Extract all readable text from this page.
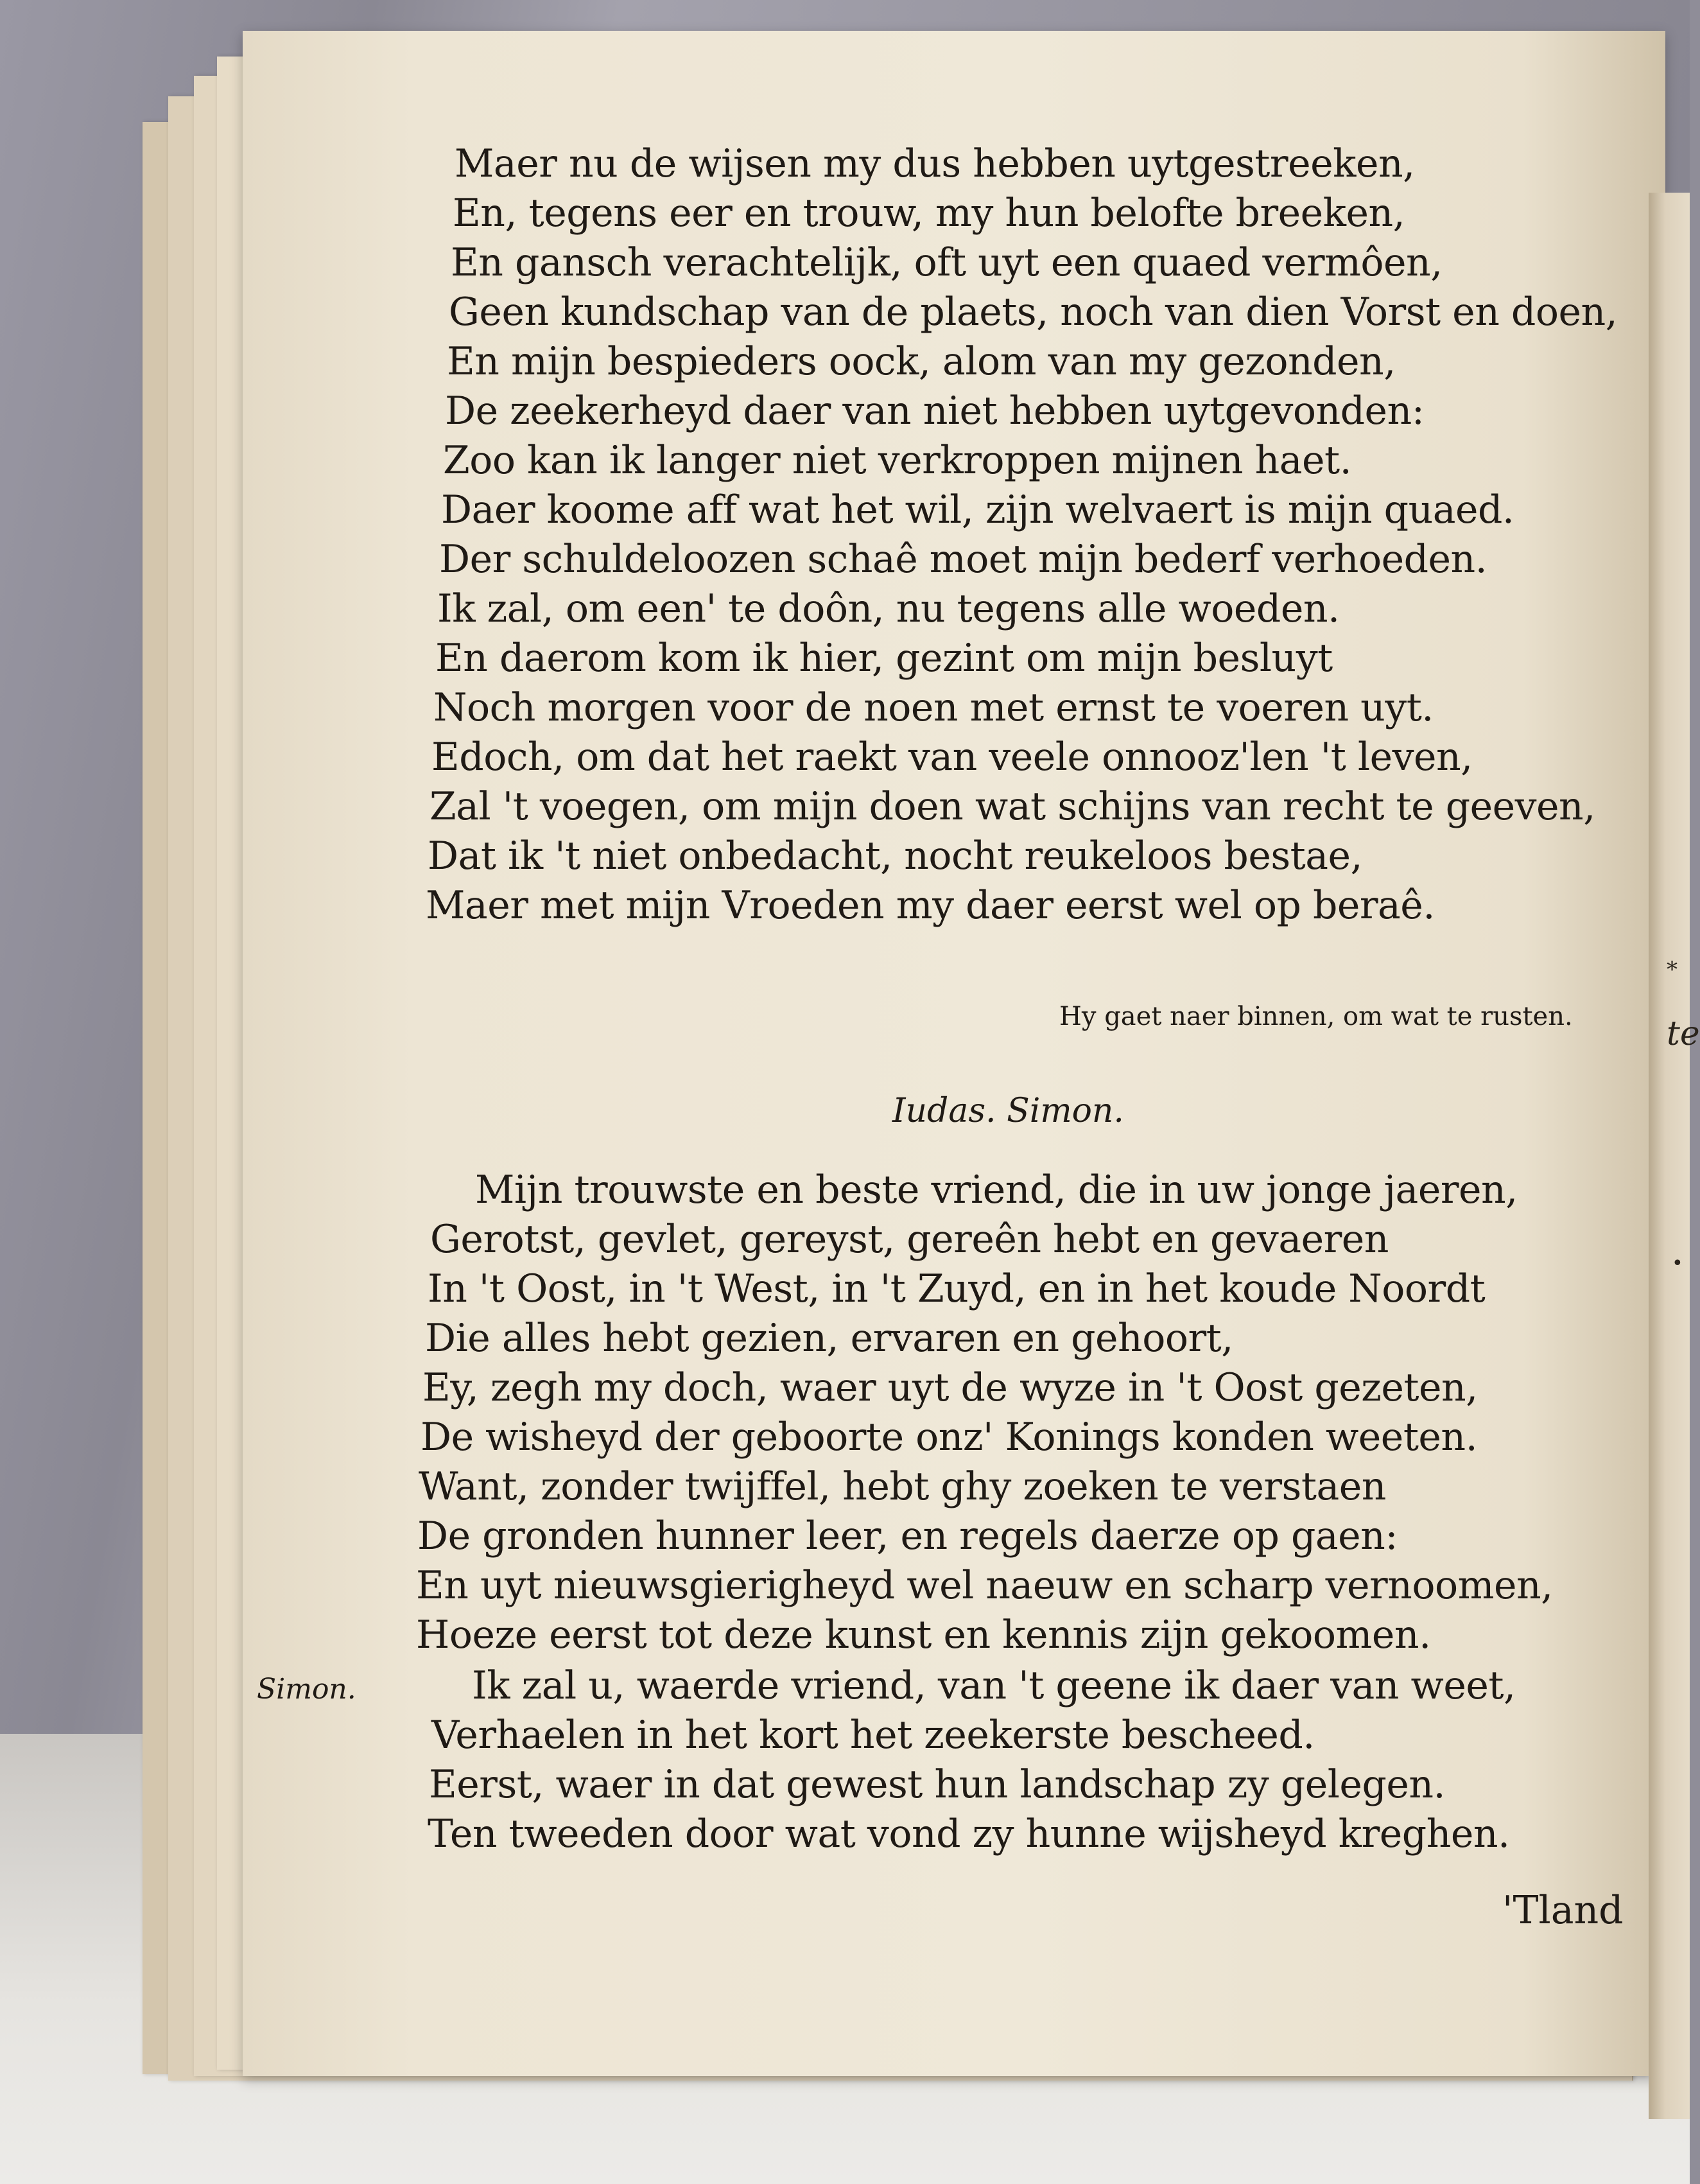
*
te
•

Maer nu de wijsen my dus hebben uytgestreeken,

En, tegens eer en trouw, my hun belofte breeken,

En gansch verachtelijk, oft uyt een quaed vermôen,

Geen kundschap van de plaets, noch van dien Vorst en doen,

En mijn bespieders oock, alom van my gezonden,

De zeekerheyd daer van niet hebben uytgevonden:

Zoo kan ik langer niet verkroppen mijnen haet.

Daer koome aff wat het wil, zijn welvaert is mijn quaed.

Der schuldeloozen schaê moet mijn bederf verhoeden.

Ik zal, om een' te doôn, nu tegens alle woeden.

En daerom kom ik hier, gezint om mijn besluyt

Noch morgen voor de noen met ernst te voeren uyt.

Edoch, om dat het raekt van veele onnooz'len 't leven,

Zal 't voegen, om mijn doen wat schijns van recht te geeven,

Dat ik 't niet onbedacht, nocht reukeloos bestae,

Maer met mijn Vroeden my daer eerst wel op beraê.

Hy gaet naer binnen, om wat te rusten.

Iudas. Simon.

Mijn trouwste en beste vriend, die in uw jonge jaeren,

Gerotst, gevlet, gereyst, gereên hebt en gevaeren

In 't Oost, in 't West, in 't Zuyd, en in het koude Noordt

Die alles hebt gezien, ervaren en gehoort,

Ey, zegh my doch, waer uyt de wyze in 't Oost gezeten,

De wisheyd der geboorte onz' Konings konden weeten.

Want, zonder twijffel, hebt ghy zoeken te verstaen

De gronden hunner leer, en regels daerze op gaen:

En uyt nieuwsgierigheyd wel naeuw en scharp vernoomen,

Hoeze eerst tot deze kunst en kennis zijn gekoomen.

Simon.	Ik zal u, waerde vriend, van 't geene ik daer van weet,

Verhaelen in het kort het zeekerste bescheed.

Eerst, waer in dat gewest hun landschap zy gelegen.

Ten tweeden door wat vond zy hunne wijsheyd kreghen.

'Tland
